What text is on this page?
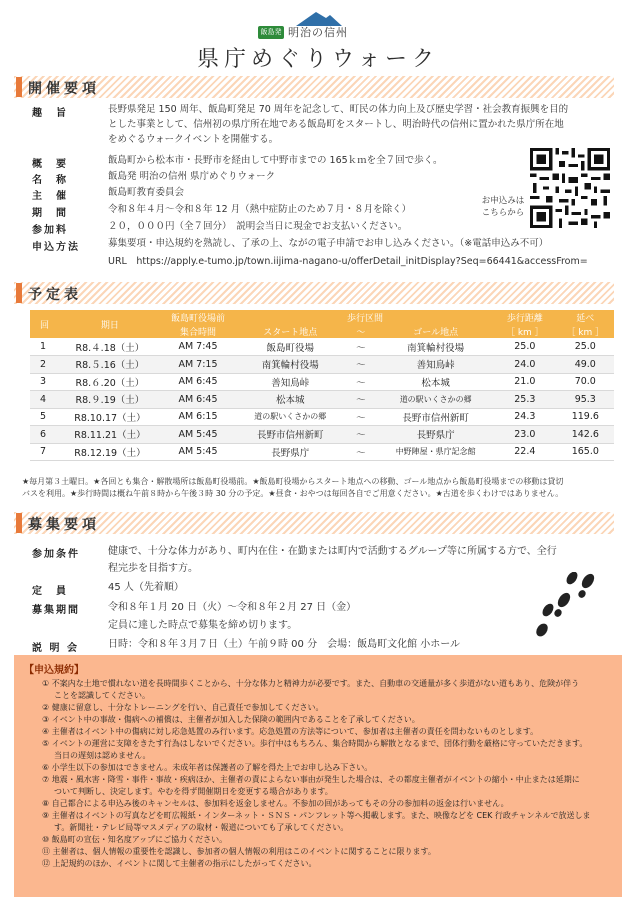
飯島発 明治の信州
県庁めぐりウォーク
開催要項
趣　旨	長野県発足 150 周年、飯島町発足 70 周年を記念して、町民の体力向上及び歴史学習・社会教育振興を目的
とした事業として、信州初の県庁所在地である飯島町をスタートし、明治時代の信州に置かれた県庁所在地
をめぐるウォークイベントを開催する。
概　要	飯島町から松本市・長野市を経由して中野市までの 165ｋｍを全７回で歩く。
名　称	飯島発 明治の信州 県庁めぐりウォーク
主　催	飯島町教育委員会
期　間	令和８年４月～令和８年 12 月（熱中症防止のため７月・８月を除く）
参加料	２０，０００円（全７回分）　説明会当日に現金でお支払いください。
申込方法	募集要項・申込規約を熟読し、了承の上、ながの電子申請でお申し込みください。（※電話申込み不可）
URL　https://apply.e-tumo.jp/town.iijima-nagano-u/offerDetail_initDisplay?Seq=66441&accessFrom=
お申込みは
こちらから
予定表
回	期日	飯島町役場前	歩行区間			歩行距離	延べ
		集合時間	スタート地点	～	ゴール地点	［ km ］	［ km ］
1	R8.４.18（土）	AM 7:45	飯島町役場	～	南箕輪村役場	25.0	25.0
2	R8.５.16（土）	AM 7:15	南箕輪村役場	～	善知鳥峠	24.0	49.0
3	R8.６.20（土）	AM 6:45	善知鳥峠	～	松本城	21.0	70.0
4	R8.９.19（土）	AM 6:45	松本城	～	道の駅いくさかの郷	25.3	95.3
5	R8.10.17（土）	AM 6:15	道の駅いくさかの郷	～	長野市信州新町	24.3	119.6
6	R8.11.21（土）	AM 5:45	長野市信州新町	～	長野県庁	23.0	142.6
7	R8.12.19（土）	AM 5:45	長野県庁	～	中野陣屋・県庁記念館	22.4	165.0
★毎月第３土曜日。★各回とも集合・解散場所は飯島町役場前。★飯島町役場からスタート地点への移動、ゴール地点から飯島町役場までの移動は貸切
バスを利用。★歩行時間は概ね午前８時から午後３時 30 分の予定。★昼食・おやつは毎回各自でご用意ください。★古道を歩くわけではありません。
募集要項
参加条件	健康で、十分な体力があり、町内在住・在勤または町内で活動するグループ等に所属する方で、全行
程完歩を目指す方。
定　員	45 人（先着順）
募集期間	令和８年１月 20 日（火）～令和８年２月 27 日（金）
定員に達した時点で募集を締め切ります。
説 明 会	日時：令和８年３月７日（土）午前９時 00 分　会場：飯島町文化館 小ホール
【申込規約】
① 不案内な土地で慣れない道を長時間歩くことから、十分な体力と精神力が必要です。また、自動車の交通量が多く歩道がない道もあり、危険が伴う
ことを認識してください。
② 健康に留意し、十分なトレーニングを行い、自己責任で参加してください。
③ イベント中の事故・傷病への補償は、主催者が加入した保険の範囲内であることを了承してください。
④ 主催者はイベント中の傷病に対し応急処置のみ行います。応急処置の方法等について、参加者は主催者の責任を問わないものとします。
⑤ イベントの運営に支障をきたす行為はしないでください。歩行中はもちろん、集合時間から解散となるまで、団体行動を厳格に守っていただきます。
当日の遅刻は認めません。
⑥ 小学生以下の参加はできません。未成年者は保護者の了解を得た上でお申し込み下さい。
⑦ 地震・風水害・降雪・事件・事故・疾病ほか、主催者の責によらない事由が発生した場合は、その都度主催者がイベントの縮小・中止または延期に
ついて判断し、決定します。やむを得ず開催期日を変更する場合があります。
⑧ 自己都合による申込み後のキャンセルは、参加料を返金しません。不参加の回があってもその分の参加料の返金は行いません。
⑨ 主催者はイベントの写真などを町広報紙・インターネット・ＳＮＳ・パンフレット等へ掲載します。また、映像などを CEK 行政チャンネルで放送しま
す。新聞社・テレビ局等マスメディアの取材・報道についても了承してください。
⑩ 飯島町の宣伝・知名度アップにご協力ください。
⑪ 主催者は、個人情報の重要性を認識し、参加者の個人情報の利用はこのイベントに関することに限ります。
⑫ 上記規約のほか、イベントに関して主催者の指示にしたがってください。
